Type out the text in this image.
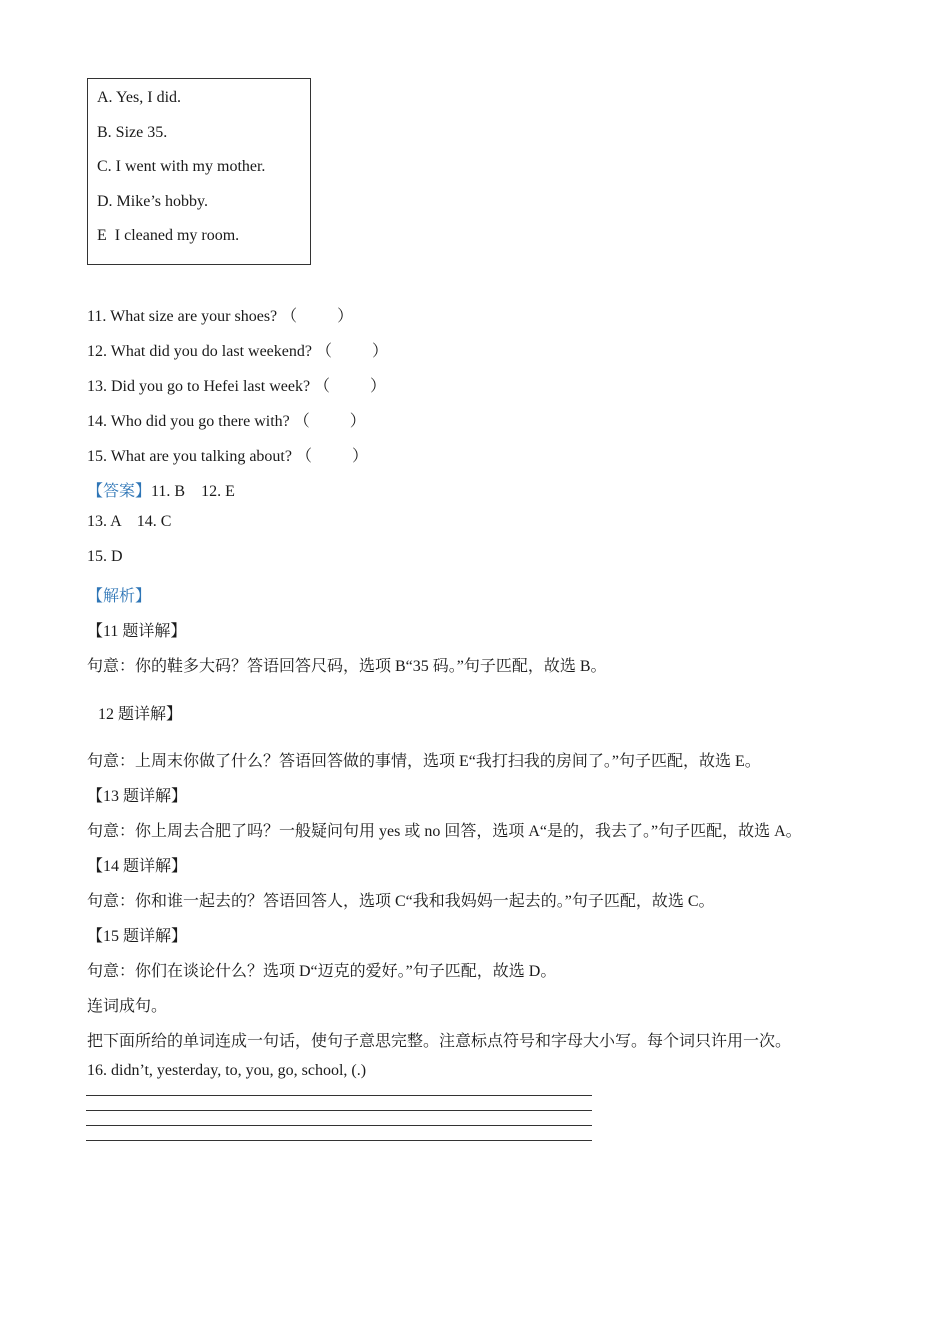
A. Yes, I did.
B. Size 35.
C. I went with my mother.
D. Mike’s hobby.
E  I cleaned my room.
11. What size are your shoes? （          ）
12. What did you do last weekend? （          ）
13. Did you go to Hefei last week? （          ）
14. Who did you go there with? （          ）
15. What are you talking about? （          ）
【答案】11. B    12. E
13. A    14. C
15. D
【解析】
【11 题详解】
句意：你的鞋多大码？答语回答尺码，选项 B“35 码。”句子匹配，故选 B。
12 题详解】
句意：上周末你做了什么？答语回答做的事情，选项 E“我打扫我的房间了。”句子匹配，故选 E。
【13 题详解】
句意：你上周去合肥了吗？一般疑问句用 yes 或 no 回答，选项 A“是的，我去了。”句子匹配，故选 A。
【14 题详解】
句意：你和谁一起去的？答语回答人，选项 C“我和我妈妈一起去的。”句子匹配，故选 C。
【15 题详解】
句意：你们在谈论什么？选项 D“迈克的爱好。”句子匹配，故选 D。
连词成句。
把下面所给的单词连成一句话，使句子意思完整。注意标点符号和字母大小写。每个词只许用一次。
16. didn’t, yesterday, to, you, go, school, (.)
